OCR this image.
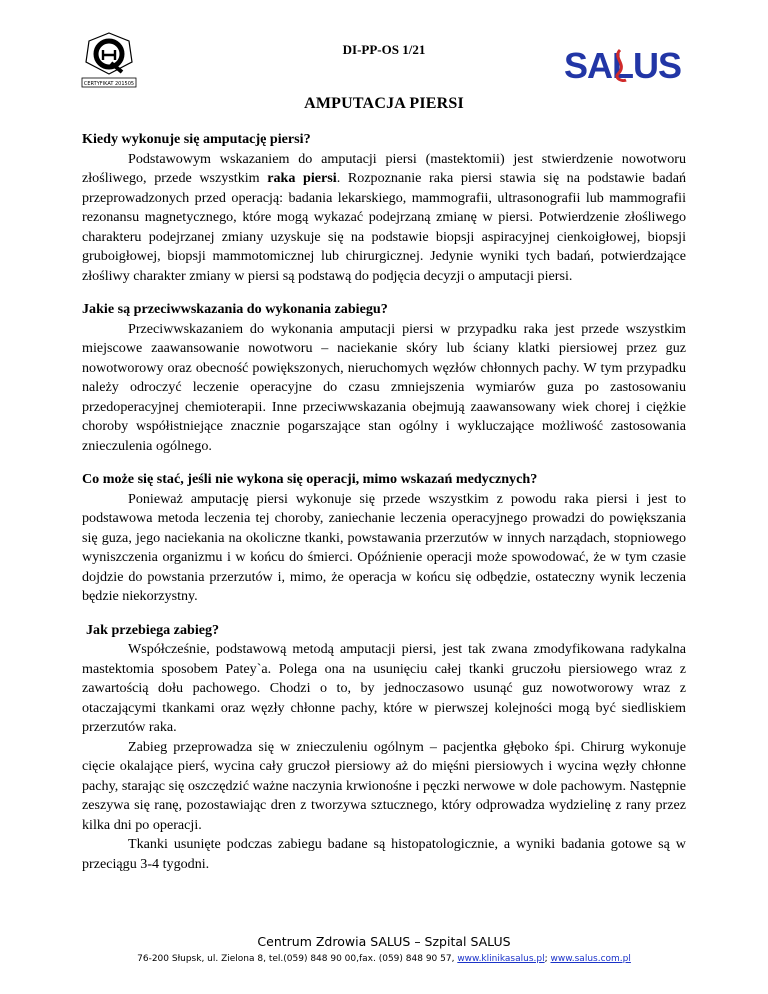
CERTYFIKAT 201505
DI-PP-OS 1/21	SALUS
AMPUTACJA PIERSI

Kiedy wykonuje się amputację piersi?

Podstawowym wskazaniem do amputacji piersi (mastektomii) jest stwierdzenie nowotworu złośliwego, przede wszystkim raka piersi. Rozpoznanie raka piersi stawia się na podstawie badań przeprowadzonych przed operacją: badania lekarskiego, mammografii, ultrasonografii lub mammografii rezonansu magnetycznego, które mogą wykazać podejrzaną zmianę w piersi. Potwierdzenie złośliwego charakteru podejrzanej zmiany uzyskuje się na podstawie biopsji aspiracyjnej cienkoigłowej, biopsji gruboigłowej, biopsji mammotomicznej lub chirurgicznej. Jedynie wyniki tych badań, potwierdzające złośliwy charakter zmiany w piersi są podstawą do podjęcia decyzji o amputacji piersi.

Jakie są przeciwwskazania do wykonania zabiegu?

Przeciwwskazaniem do wykonania amputacji piersi w przypadku raka jest przede wszystkim miejscowe zaawansowanie nowotworu – naciekanie skóry lub ściany klatki piersiowej przez guz nowotworowy oraz obecność powiększonych, nieruchomych węzłów chłonnych pachy. W tym przypadku należy odroczyć leczenie operacyjne do czasu zmniejszenia wymiarów guza po zastosowaniu przedoperacyjnej chemioterapii. Inne przeciwwskazania obejmują zaawansowany wiek chorej i ciężkie choroby współistniejące znacznie pogarszające stan ogólny i wykluczające możliwość zastosowania znieczulenia ogólnego.

Co może się stać, jeśli nie wykona się operacji, mimo wskazań medycznych?

Ponieważ amputację piersi wykonuje się przede wszystkim z powodu raka piersi i jest to podstawowa metoda leczenia tej choroby, zaniechanie leczenia operacyjnego prowadzi do powiększania się guza, jego naciekania na okoliczne tkanki, powstawania przerzutów w innych narządach, stopniowego wyniszczenia organizmu i w końcu do śmierci. Opóźnienie operacji może spowodować, że w tym czasie dojdzie do powstania przerzutów i, mimo, że operacja w końcu się odbędzie, ostateczny wynik leczenia będzie niekorzystny.

Jak przebiega zabieg?

Współcześnie, podstawową metodą amputacji piersi, jest tak zwana zmodyfikowana radykalna mastektomia sposobem Patey`a. Polega ona na usunięciu całej tkanki gruczołu piersiowego wraz z zawartością dołu pachowego. Chodzi o to, by jednoczasowo usunąć guz nowotworowy wraz z otaczającymi tkankami oraz węzły chłonne pachy, które w pierwszej kolejności mogą być siedliskiem przerzutów raka.

Zabieg przeprowadza się w znieczuleniu ogólnym – pacjentka głęboko śpi. Chirurg wykonuje cięcie okalające pierś, wycina cały gruczoł piersiowy aż do mięśni piersiowych i wycina węzły chłonne pachy, starając się oszczędzić ważne naczynia krwionośne i pęczki nerwowe w dole pachowym. Następnie zeszywa się ranę, pozostawiając dren z tworzywa sztucznego, który odprowadza wydzielinę z rany przez kilka dni po operacji.

Tkanki usunięte podczas zabiegu badane są histopatologicznie, a wyniki badania gotowe są w przeciągu 3-4 tygodni.

Centrum Zdrowia SALUS – Szpital SALUS
76-200 Słupsk, ul. Zielona 8, tel.(059) 848 90 00,fax. (059) 848 90 57, www.klinikasalus.pl; www.salus.com.pl
